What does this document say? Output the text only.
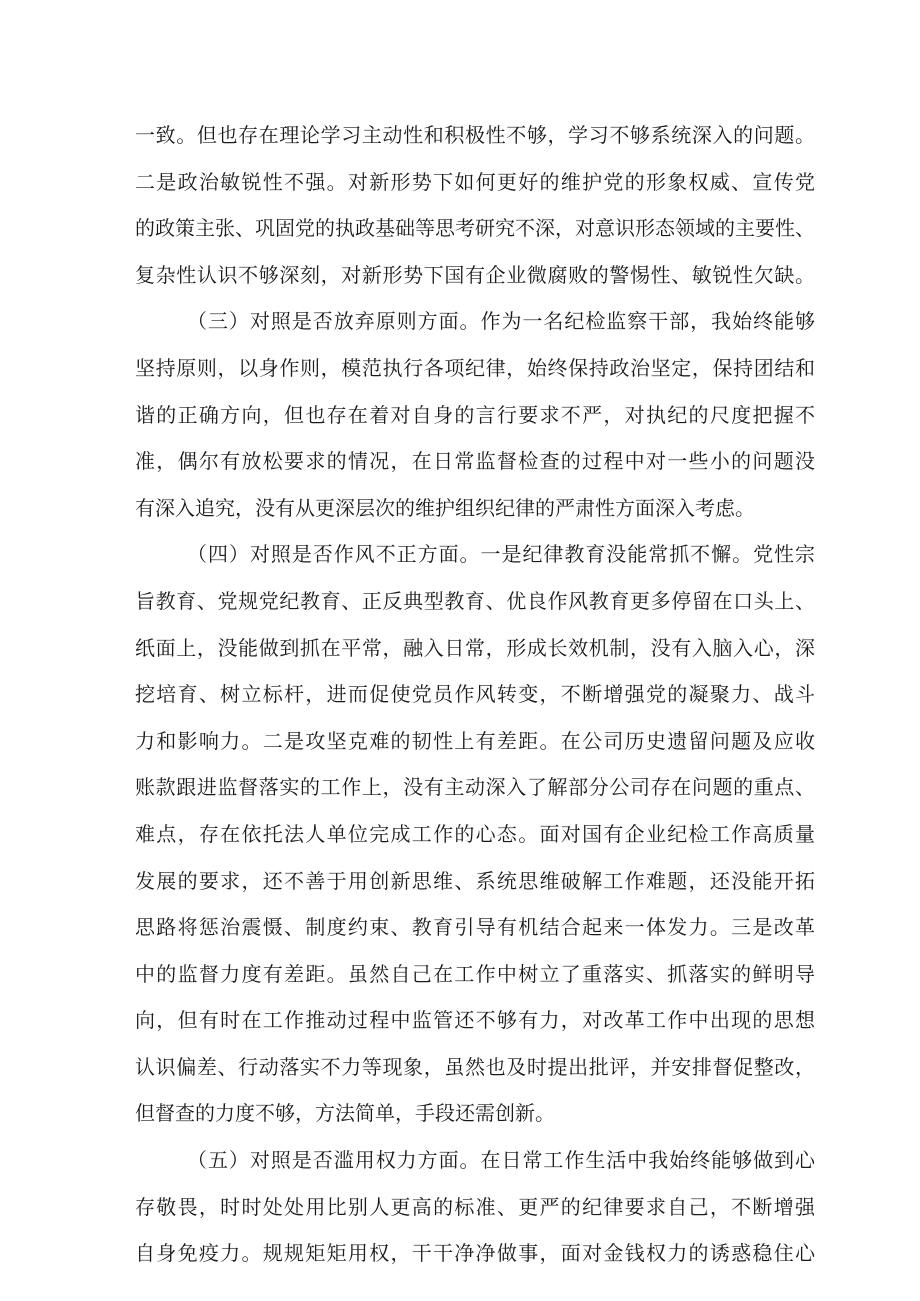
一致。但也存在理论学习主动性和积极性不够，学习不够系统深入的问题。
二是政治敏锐性不强。对新形势下如何更好的维护党的形象权威、宣传党
的政策主张、巩固党的执政基础等思考研究不深，对意识形态领域的主要性、
复杂性认识不够深刻，对新形势下国有企业微腐败的警惕性、敏锐性欠缺。
（三）对照是否放弃原则方面。作为一名纪检监察干部，我始终能够
坚持原则，以身作则，模范执行各项纪律，始终保持政治坚定，保持团结和
谐的正确方向，但也存在着对自身的言行要求不严，对执纪的尺度把握不
准，偶尔有放松要求的情况，在日常监督检查的过程中对一些小的问题没
有深入追究，没有从更深层次的维护组织纪律的严肃性方面深入考虑。
（四）对照是否作风不正方面。一是纪律教育没能常抓不懈。党性宗
旨教育、党规党纪教育、正反典型教育、优良作风教育更多停留在口头上、
纸面上，没能做到抓在平常，融入日常，形成长效机制，没有入脑入心，深
挖培育、树立标杆，进而促使党员作风转变，不断增强党的凝聚力、战斗
力和影响力。二是攻坚克难的韧性上有差距。在公司历史遗留问题及应收
账款跟进监督落实的工作上，没有主动深入了解部分公司存在问题的重点、
难点，存在依托法人单位完成工作的心态。面对国有企业纪检工作高质量
发展的要求，还不善于用创新思维、系统思维破解工作难题，还没能开拓
思路将惩治震慑、制度约束、教育引导有机结合起来一体发力。三是改革
中的监督力度有差距。虽然自己在工作中树立了重落实、抓落实的鲜明导
向，但有时在工作推动过程中监管还不够有力，对改革工作中出现的思想
认识偏差、行动落实不力等现象，虽然也及时提出批评，并安排督促整改，
但督查的力度不够，方法简单，手段还需创新。
（五）对照是否滥用权力方面。在日常工作生活中我始终能够做到心
存敬畏，时时处处用比别人更高的标准、更严的纪律要求自己，不断增强
自身免疫力。规规矩矩用权，干干净净做事，面对金钱权力的诱惑稳住心
